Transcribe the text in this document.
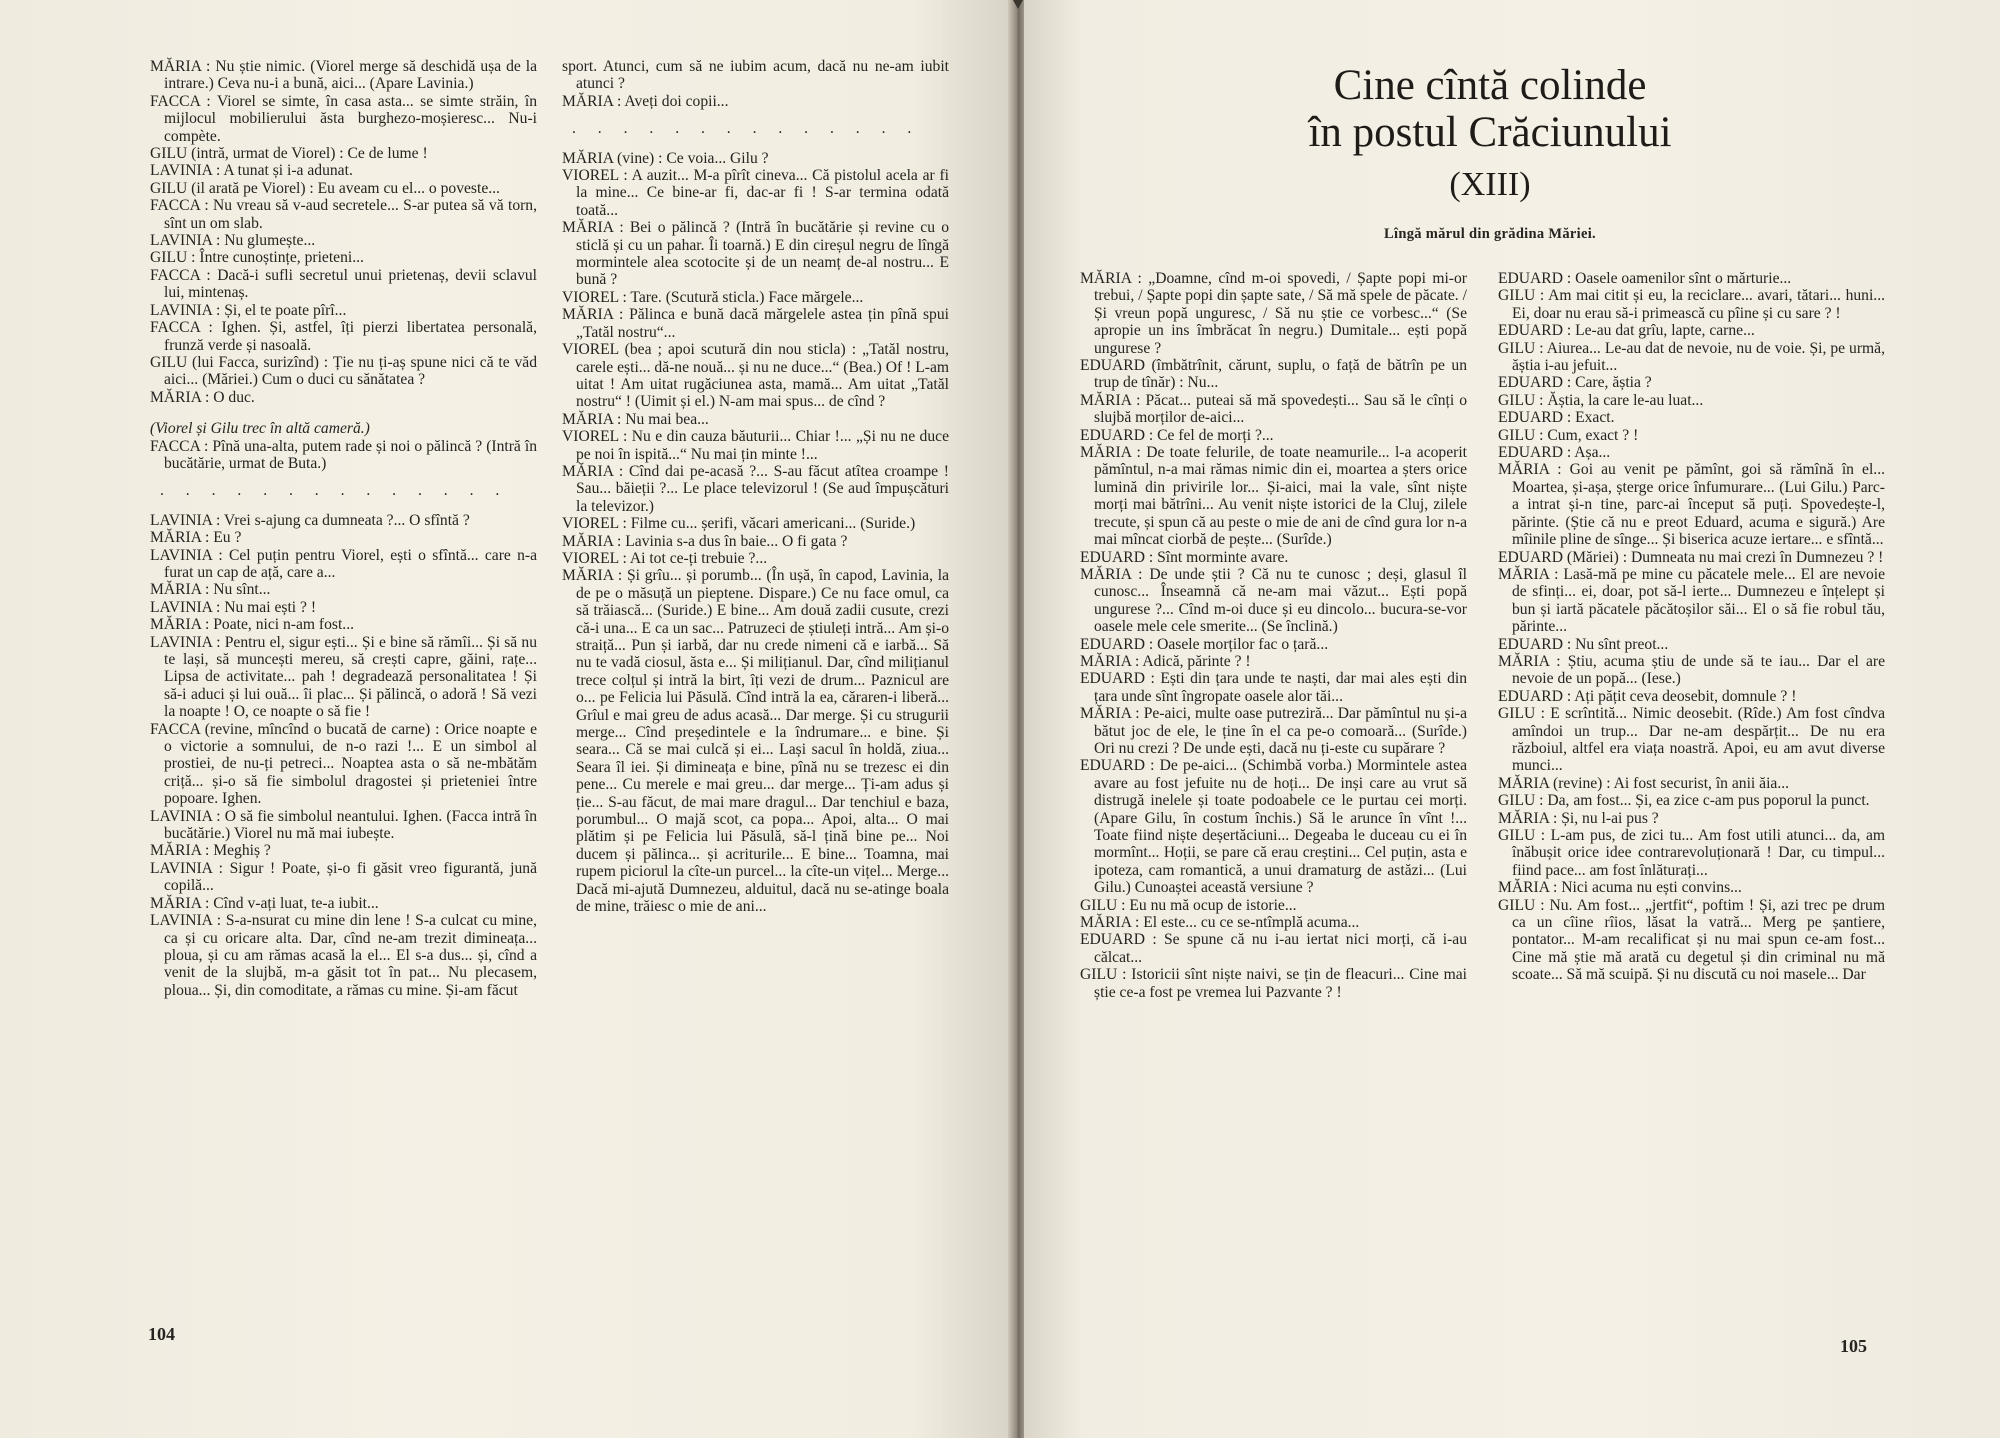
MĂRIA : Nu știe nimic. (Viorel merge să deschidă ușa de la intrare.) Ceva nu-i a bună, aici... (Apare Lavinia.)

FACCA : Viorel se simte, în casa asta... se simte străin, în mijlocul mobilierului ăsta burghezo-moșieresc... Nu-i compète.

GILU (intră, urmat de Viorel) : Ce de lume !

LAVINIA : A tunat și i-a adunat.

GILU (il arată pe Viorel) : Eu aveam cu el... o poveste...

FACCA : Nu vreau să v-aud secretele... S-ar putea să vă torn, sînt un om slab.

LAVINIA : Nu glumește...

GILU : Între cunoștințe, prieteni...

FACCA : Dacă-i sufli secretul unui prietenaș, devii sclavul lui, mintenaș.

LAVINIA : Și, el te poate pîrî...

FACCA : Ighen. Și, astfel, îți pierzi libertatea personală, frunză verde și nasoală.

GILU (lui Facca, surizînd) : Ție nu ți-aș spune nici că te văd aici... (Măriei.) Cum o duci cu sănătatea ?

MĂRIA : O duc.

(Viorel și Gilu trec în altă cameră.)

FACCA : Pînă una-alta, putem rade și noi o pălincă ? (Intră în bucătărie, urmat de Buta.)

. . . . . . . . . . . . . .

LAVINIA : Vrei s-ajung ca dumneata ?... O sfîntă ?

MĂRIA : Eu ?

LAVINIA : Cel puțin pentru Viorel, ești o sfîntă... care n-a furat un cap de ață, care a...

MĂRIA : Nu sînt...

LAVINIA : Nu mai ești ? !

MĂRIA : Poate, nici n-am fost...

LAVINIA : Pentru el, sigur ești... Și e bine să rămîi... Și să nu te lași, să muncești mereu, să crești capre, găini, rațe... Lipsa de activitate... pah ! degradează personalitatea ! Și să-i aduci și lui ouă... îi plac... Și pălincă, o adoră ! Să vezi la noapte ! O, ce noapte o să fie !

FACCA (revine, mîncînd o bucată de carne) : Orice noapte e o victorie a somnului, de n-o razi !... E un simbol al prostiei, de nu-ți petreci... Noaptea asta o să ne-mbătăm criță... și-o să fie simbolul dragostei și prieteniei între popoare. Ighen.

LAVINIA : O să fie simbolul neantului. Ighen. (Facca intră în bucătărie.) Viorel nu mă mai iubește.

MĂRIA : Meghiș ?

LAVINIA : Sigur ! Poate, și-o fi găsit vreo figurantă, jună copilă...

MĂRIA : Cînd v-ați luat, te-a iubit...

LAVINIA : S-a-nsurat cu mine din lene ! S-a culcat cu mine, ca și cu oricare alta. Dar, cînd ne-am trezit dimineața... ploua, și cu am rămas acasă la el... El s-a dus... și, cînd a venit de la slujbă, m-a găsit tot în pat... Nu plecasem, ploua... Și, din comoditate, a rămas cu mine. Și-am făcut

sport. Atunci, cum să ne iubim acum, dacă nu ne-am iubit atunci ?

MĂRIA : Aveți doi copii...

. . . . . . . . . . . . . .

MĂRIA (vine) : Ce voia... Gilu ?

VIOREL : A auzit... M-a pîrît cineva... Că pistolul acela ar fi la mine... Ce bine-ar fi, dac-ar fi ! S-ar termina odată toată...

MĂRIA : Bei o pălincă ? (Intră în bucătărie și revine cu o sticlă și cu un pahar. Îi toarnă.) E din cireșul negru de lîngă mormintele alea scotocite și de un neamț de-al nostru... E bună ?

VIOREL : Tare. (Scutură sticla.) Face mărgele...

MĂRIA : Pălinca e bună dacă mărgelele astea țin pînă spui „Tatăl nostru“...

VIOREL (bea ; apoi scutură din nou sticla) : „Tatăl nostru, carele ești... dă-ne nouă... și nu ne duce...“ (Bea.) Of ! L-am uitat ! Am uitat rugăciunea asta, mamă... Am uitat „Tatăl nostru“ ! (Uimit și el.) N-am mai spus... de cînd ?

MĂRIA : Nu mai bea...

VIOREL : Nu e din cauza băuturii... Chiar !... „Și nu ne duce pe noi în ispită...“ Nu mai țin minte !...

MĂRIA : Cînd dai pe-acasă ?... S-au făcut atîtea croampe ! Sau... băieții ?... Le place televizorul ! (Se aud împușcături la televizor.)

VIOREL : Filme cu... șerifi, văcari americani... (Suride.)

MĂRIA : Lavinia s-a dus în baie... O fi gata ?

VIOREL : Ai tot ce-ți trebuie ?...

MĂRIA : Și grîu... și porumb... (În ușă, în capod, Lavinia, la de pe o măsuță un pieptene. Dispare.) Ce nu face omul, ca să trăiască... (Suride.) E bine... Am două zadii cusute, crezi că-i una... E ca un sac... Patruzeci de știuleți intră... Am și-o straiță... Pun și iarbă, dar nu crede nimeni că e iarbă... Să nu te vadă ciosul, ăsta e... Și milițianul. Dar, cînd milițianul trece colțul și intră la birt, îți vezi de drum... Paznicul are o... pe Felicia lui Păsulă. Cînd intră la ea, căraren-i liberă... Grîul e mai greu de adus acasă... Dar merge. Și cu strugurii merge... Cînd președintele e la îndrumare... e bine. Și seara... Că se mai culcă și ei... Lași sacul în holdă, ziua... Seara îl iei. Și dimineața e bine, pînă nu se trezesc ei din pene... Cu merele e mai greu... dar merge... Ți-am adus și ție... S-au făcut, de mai mare dragul... Dar tenchiul e baza, porumbul... O majă scot, ca popa... Apoi, alta... O mai plătim și pe Felicia lui Păsulă, să-l țină bine pe... Noi ducem și pălinca... și acriturile... E bine... Toamna, mai rupem piciorul la cîte-un purcel... la cîte-un vițel... Merge... Dacă mi-ajută Dumnezeu, alduitul, dacă nu se-atinge boala de mine, trăiesc o mie de ani...

104
105

MĂRIA : „Doamne, cînd m-oi spovedi, / Șapte popi mi-or trebui, / Șapte popi din șapte sate, / Să mă spele de păcate. / Și vreun popă unguresc, / Să nu știe ce vorbesc...“ (Se apropie un ins îmbrăcat în negru.) Dumitale... ești popă ungurese ?

EDUARD (îmbătrînit, cărunt, suplu, o față de bătrîn pe un trup de tînăr) : Nu...

MĂRIA : Păcat... puteai să mă spovedești... Sau să le cînți o slujbă morților de-aici...

EDUARD : Ce fel de morți ?...

MĂRIA : De toate felurile, de toate neamurile... l-a acoperit pămîntul, n-a mai rămas nimic din ei, moartea a șters orice lumină din privirile lor... Și-aici, mai la vale, sînt niște morți mai bătrîni... Au venit niște istorici de la Cluj, zilele trecute, și spun că au peste o mie de ani de cînd gura lor n-a mai mîncat ciorbă de pește... (Surîde.)

EDUARD : Sînt morminte avare.

MĂRIA : De unde știi ? Că nu te cunosc ; deși, glasul îl cunosc... Înseamnă că ne-am mai văzut... Ești popă ungurese ?... Cînd m-oi duce și eu dincolo... bucura-se-vor oasele mele cele smerite... (Se înclină.)

EDUARD : Oasele morților fac o țară...

MĂRIA : Adică, părinte ? !

EDUARD : Ești din țara unde te naști, dar mai ales ești din țara unde sînt îngropate oasele alor tăi...

MĂRIA : Pe-aici, multe oase putreziră... Dar pămîntul nu și-a bătut joc de ele, le ține în el ca pe-o comoară... (Surîde.) Ori nu crezi ? De unde ești, dacă nu ți-este cu supărare ?

EDUARD : De pe-aici... (Schimbă vorba.) Mormintele astea avare au fost jefuite nu de hoți... De inși care au vrut să distrugă inelele și toate podoabele ce le purtau cei morți. (Apare Gilu, în costum închis.) Să le arunce în vînt !... Toate fiind niște deșertăciuni... Degeaba le duceau cu ei în mormînt... Hoții, se pare că erau creștini... Cel puțin, asta e ipoteza, cam romantică, a unui dramaturg de astăzi... (Lui Gilu.) Cunoaștei această versiune ?

GILU : Eu nu mă ocup de istorie...

MĂRIA : El este... cu ce se-ntîmplă acuma...

EDUARD : Se spune că nu i-au iertat nici morți, că i-au călcat...

GILU : Istoricii sînt niște naivi, se țin de fleacuri... Cine mai știe ce-a fost pe vremea lui Pazvante ? !

EDUARD : Oasele oamenilor sînt o mărturie...

GILU : Am mai citit și eu, la reciclare... avari, tătari... huni... Ei, doar nu erau să-i primească cu pîine și cu sare ? !

EDUARD : Le-au dat grîu, lapte, carne...

GILU : Aiurea... Le-au dat de nevoie, nu de voie. Și, pe urmă, ăștia i-au jefuit...

EDUARD : Care, ăștia ?

GILU : Ăștia, la care le-au luat...

EDUARD : Exact.

GILU : Cum, exact ? !

EDUARD : Așa...

MĂRIA : Goi au venit pe pămînt, goi să rămînă în el... Moartea, și-așa, șterge orice înfumurare... (Lui Gilu.) Parc-a intrat și-n tine, parc-ai început să puți. Spovedește-l, părinte. (Știe că nu e preot Eduard, acuma e sigură.) Are mîinile pline de sînge... Și biserica acuze iertare... e sfîntă...

EDUARD (Măriei) : Dumneata nu mai crezi în Dumnezeu ? !

MĂRIA : Lasă-mă pe mine cu păcatele mele... El are nevoie de sfinți... ei, doar, pot să-l ierte... Dumnezeu e înțelept și bun și iartă păcatele păcătoșilor săi... El o să fie robul tău, părinte...

EDUARD : Nu sînt preot...

MĂRIA : Știu, acuma știu de unde să te iau... Dar el are nevoie de un popă... (Iese.)

EDUARD : Ați pățit ceva deosebit, domnule ? !

GILU : E scrîntită... Nimic deosebit. (Rîde.) Am fost cîndva amîndoi un trup... Dar ne-am despărțit... De nu era războiul, altfel era viața noastră. Apoi, eu am avut diverse munci...

MĂRIA (revine) : Ai fost securist, în anii ăia...

GILU : Da, am fost... Și, ea zice c-am pus poporul la punct.

MĂRIA : Și, nu l-ai pus ?

GILU : L-am pus, de zici tu... Am fost utili atunci... da, am înăbușit orice idee contrarevoluționară ! Dar, cu timpul... fiind pace... am fost înlăturați...

MĂRIA : Nici acuma nu ești convins...

GILU : Nu. Am fost... „jertfit“, poftim ! Și, azi trec pe drum ca un cîine rîios, lăsat la vatră... Merg pe șantiere, pontator... M-am recalificat și nu mai spun ce-am fost... Cine mă știe mă arată cu degetul și din criminal nu mă scoate... Să mă scuipă. Și nu discută cu noi masele... Dar

Cine cîntă colinde
în postul Crăciunului
(XIII)
Lîngă mărul din grădina Măriei.
